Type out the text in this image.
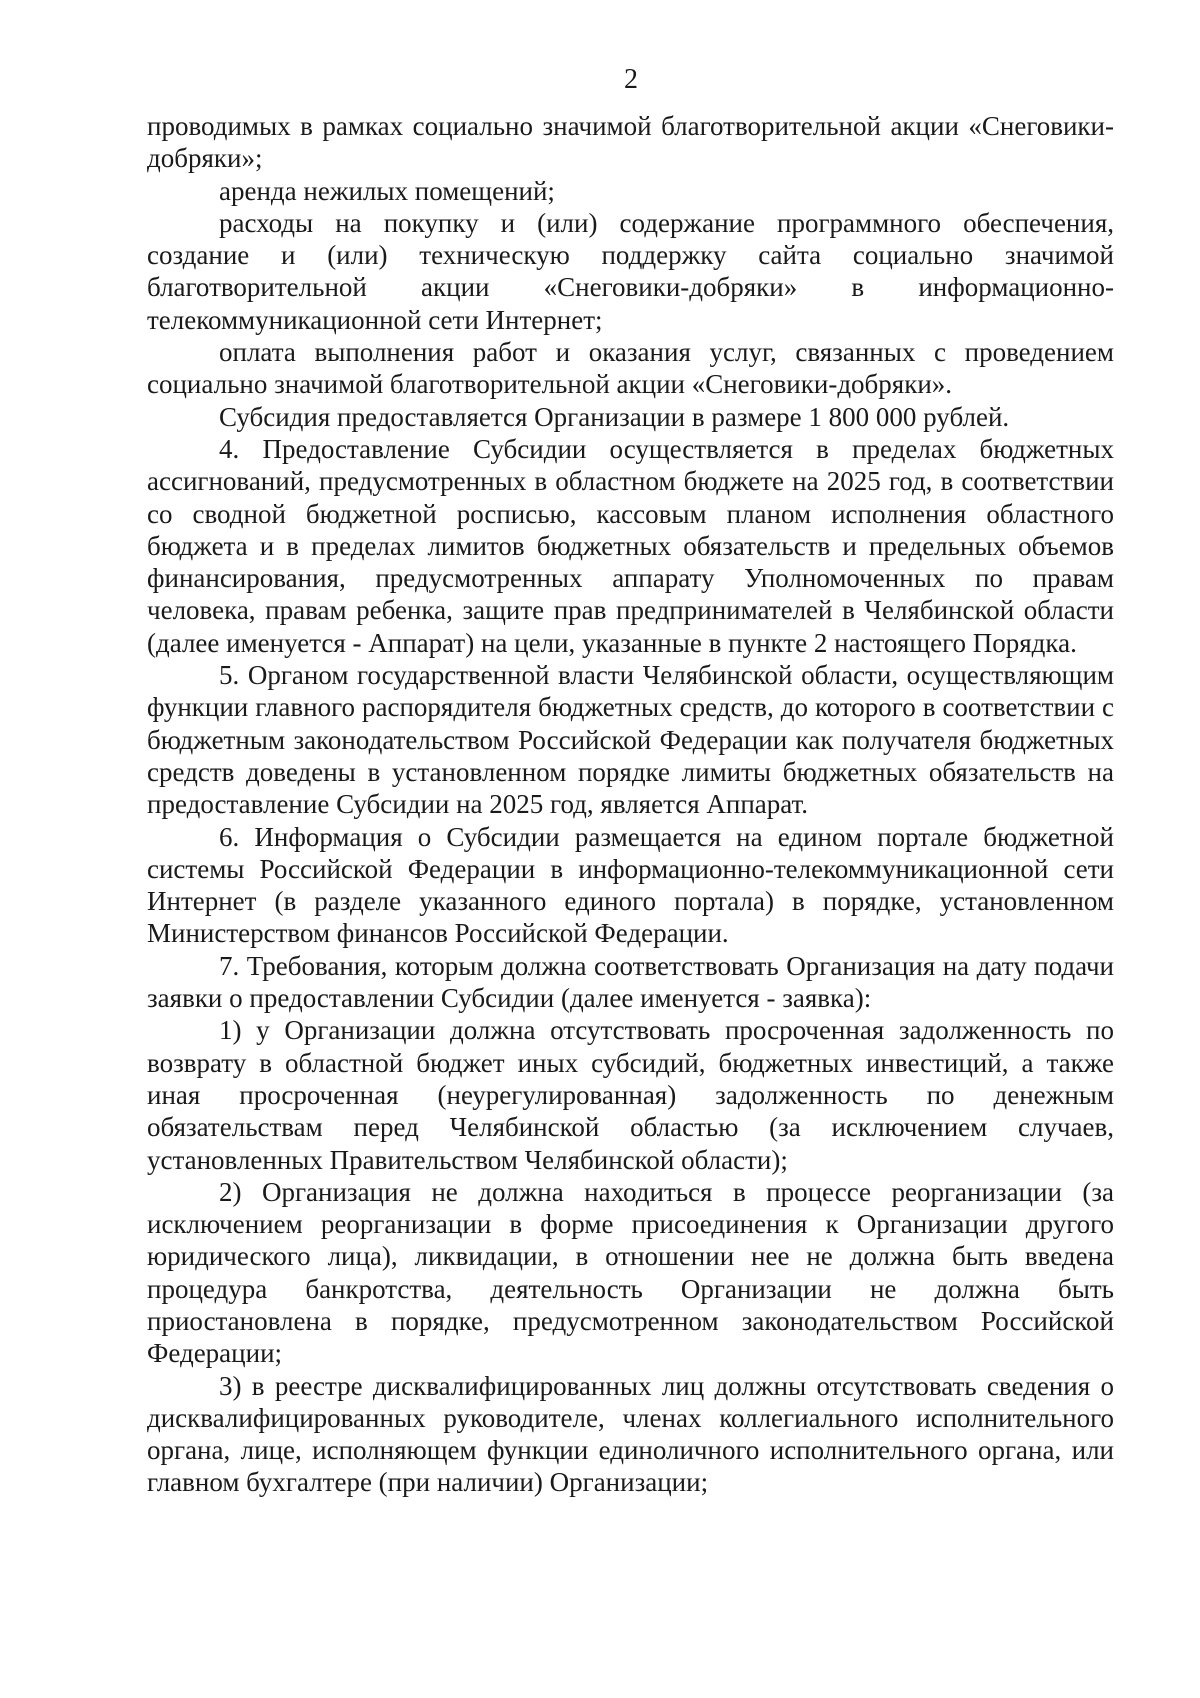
2

проводимых в рамках социально значимой благотворительной акции «Снеговики-добряки»;

аренда нежилых помещений;

расходы на покупку и (или) содержание программного обеспечения, создание и (или) техническую поддержку сайта социально значимой благотворительной акции «Снеговики-добряки» в информационно-телекоммуникационной сети Интернет;

оплата выполнения работ и оказания услуг, связанных с проведением социально значимой благотворительной акции «Снеговики-добряки».

Субсидия предоставляется Организации в размере 1 800 000 рублей.

4. Предоставление Субсидии осуществляется в пределах бюджетных ассигнований, предусмотренных в областном бюджете на 2025 год, в соответствии со сводной бюджетной росписью, кассовым планом исполнения областного бюджета и в пределах лимитов бюджетных обязательств и предельных объемов финансирования, предусмотренных аппарату Уполномоченных по правам человека, правам ребенка, защите прав предпринимателей в Челябинской области (далее именуется - Аппарат) на цели, указанные в пункте 2 настоящего Порядка.

5. Органом государственной власти Челябинской области, осуществляющим функции главного распорядителя бюджетных средств, до которого в соответствии с бюджетным законодательством Российской Федерации как получателя бюджетных средств доведены в установленном порядке лимиты бюджетных обязательств на предоставление Субсидии на 2025 год, является Аппарат.

6. Информация о Субсидии размещается на едином портале бюджетной системы Российской Федерации в информационно-телекоммуникационной сети Интернет (в разделе указанного единого портала) в порядке, установленном Министерством финансов Российской Федерации.

7. Требования, которым должна соответствовать Организация на дату подачи заявки о предоставлении Субсидии (далее именуется - заявка):

1) у Организации должна отсутствовать просроченная задолженность по возврату в областной бюджет иных субсидий, бюджетных инвестиций, а также иная просроченная (неурегулированная) задолженность по денежным обязательствам перед Челябинской областью (за исключением случаев, установленных Правительством Челябинской области);

2) Организация не должна находиться в процессе реорганизации (за исключением реорганизации в форме присоединения к Организации другого юридического лица), ликвидации, в отношении нее не должна быть введена процедура банкротства, деятельность Организации не должна быть приостановлена в порядке, предусмотренном законодательством Российской Федерации;

3) в реестре дисквалифицированных лиц должны отсутствовать сведения о дисквалифицированных руководителе, членах коллегиального исполнительного органа, лице, исполняющем функции единоличного исполнительного органа, или главном бухгалтере (при наличии) Организации;
